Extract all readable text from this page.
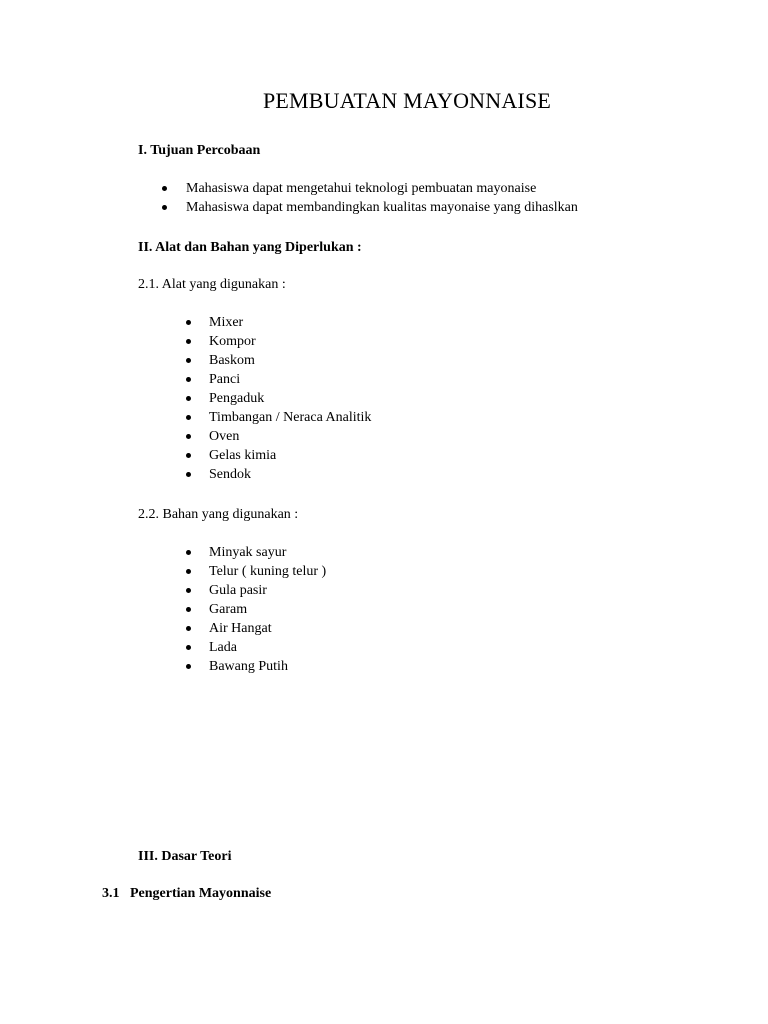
PEMBUATAN MAYONNAISE

I. Tujuan Percobaan

Mahasiswa dapat mengetahui teknologi pembuatan mayonaise
Mahasiswa dapat membandingkan kualitas mayonaise yang dihaslkan

II. Alat dan Bahan yang Diperlukan :

2.1. Alat yang digunakan :

Mixer
Kompor
Baskom
Panci
Pengaduk
Timbangan / Neraca Analitik
Oven
Gelas kimia
Sendok

2.2. Bahan yang digunakan :

Minyak sayur
Telur ( kuning telur )
Gula pasir
Garam
Air Hangat
Lada
Bawang Putih

III. Dasar Teori

3.1   Pengertian Mayonnaise
